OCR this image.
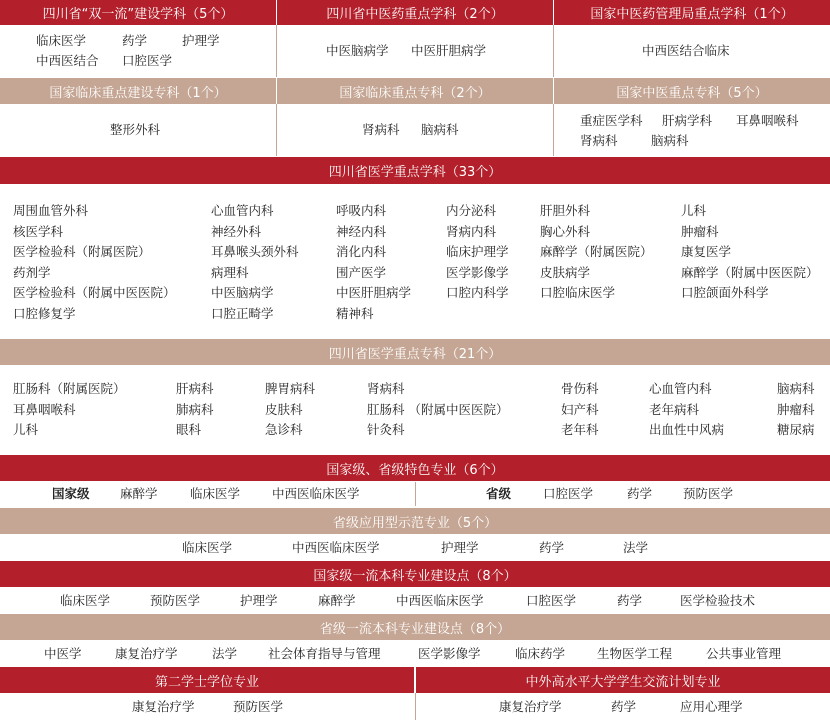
四川省“双一流”建设学科（5个）	四川省中医药重点学科（2个）	国家中医药管理局重点学科（1个）
临床医学	药学	护理学
中西医结合 口腔医学
中医脑病学 中医肝胆病学	中西医结合临床
国家临床重点建设专科（1个）	国家临床重点专科（2个）	国家中医重点专科（5个）
整形外科	肾病科 脑病科
重症医学科 肝病学科 耳鼻咽喉科
肾病科	脑病科
四川省医学重点学科（33个）
四川省医学重点专科（21个）
国家级、省级特色专业（6个）
国家级 麻醉学	临床医学	中西医临床医学	省级	口腔医学	药学 预防医学
省级应用型示范专业（5个）
临床医学	中西医临床医学	护理学	药学	法学
国家级一流本科专业建设点（8个）
临床医学	预防医学	护理学	麻醉学	中西医临床医学	口腔医学	药学	医学检验技术
省级一流本科专业建设点（8个）
中医学	康复治疗学	法学 社会体育指导与管理	医学影像学	临床药学	生物医学工程	公共事业管理
第二学士学位专业	中外高水平大学学生交流计划专业
康复治疗学	预防医学	康复治疗学	药学	应用心理学
周围血管外科	心血管内科	呼吸内科	内分泌科	肝胆外科	儿科
核医学科	神经外科	神经内科	肾病内科	胸心外科	肿瘤科
医学检验科（附属医院）	耳鼻喉头颈外科	消化内科	临床护理学	麻醉学（附属医院） 康复医学
药剂学	病理科	围产医学	医学影像学	皮肤病学	麻醉学（附属中医医院）
医学检验科（附属中医医院）	中医脑病学	中医肝胆病学	口腔内科学	口腔临床医学	口腔颌面外科学
口腔修复学	口腔正畸学	精神科
肛肠科（附属医院）	肝病科	脾胃病科	肾病科	骨伤科	心血管内科	脑病科
耳鼻咽喉科	肺病科	皮肤科	肛肠科 （附属中医医院）	妇产科	老年病科	肿瘤科
儿科	眼科	急诊科	针灸科	老年科	出血性中风病	糖尿病
